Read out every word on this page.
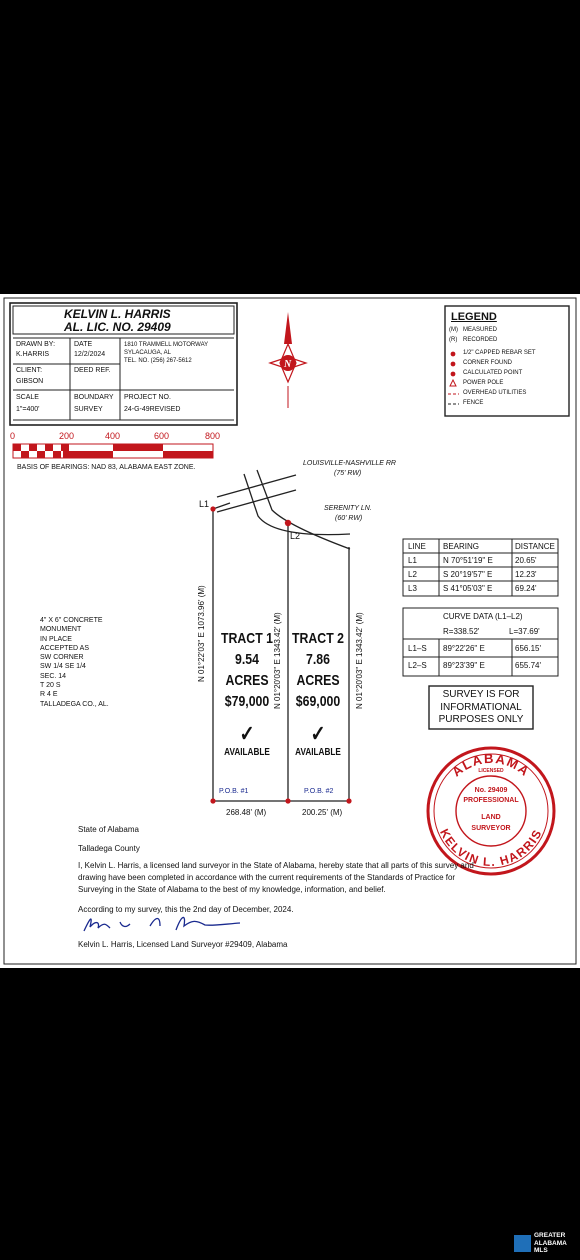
N
ALABAMA
KELVIN L. HARRIS
KELVIN L. HARRIS
AL. LIC. NO. 29409
DRAWN BY:
K.HARRIS
DATE
12/2/2024
1810 TRAMMELL MOTORWAY
SYLACAUGA, AL
TEL. NO. (256) 267-5612
CLIENT:
GIBSON
DEED REF.
SCALE
1"=400'
BOUNDARY
SURVEY
PROJECT NO.
24-G-49REVISED
LEGEND
(M) MEASURED
(R) RECORDED
1/2" CAPPED REBAR SET
CORNER FOUND
CALCULATED POINT
POWER POLE
OVERHEAD UTILITIES
FENCE
0	200	400	600	800
BASIS OF BEARINGS: NAD 83, ALABAMA EAST ZONE.
LOUISVILLE-NASHVILLE RR
(75' RW)
SERENITY LN.
(60' RW)
L1
L2
P.O.B. #1	P.O.B. #2
N 01°22'03" E 1073.96' (M)	N 01°20'03" E 1343.42' (M)	N 01°20'03" E 1343.42' (M)
268.48' (M)	200.25' (M)
TRACT 1
9.54
ACRES
$79,000
✓
AVAILABLE
TRACT 2
7.86
ACRES
$69,000
✓
AVAILABLE
4" X 6" CONCRETE
MONUMENT
IN PLACE
ACCEPTED AS
SW CORNER
SW 1/4 SE 1/4
SEC. 14
T 20 S
R 4 E
TALLADEGA CO., AL.
LINE BEARING	DISTANCE
L1	N 70°51'19" E	20.65'
L2	S 20°19'57" E	12.23'
L3	S 41°05'03" E	69.24'
CURVE DATA (L1–L2)
R=338.52'	L=37.69'
L1–S 89°22'26" E	656.15'
L2–S 89°23'39" E	655.74'
SURVEY IS FOR
INFORMATIONAL
PURPOSES ONLY
LICENSED
No. 29409
PROFESSIONAL
LAND
SURVEYOR
State of Alabama
Talladega County
I, Kelvin L. Harris, a licensed land surveyor in the State of Alabama, hereby state that all parts of this survey and drawing have been completed in accordance with the current requirements of the Standards of Practice for Surveying in the State of Alabama to the best of my knowledge, information, and belief.
According to my survey, this the 2nd day of December, 2024.
Kelvin L. Harris, Licensed Land Surveyor #29409, Alabama
GREATER
ALABAMA
MLS
